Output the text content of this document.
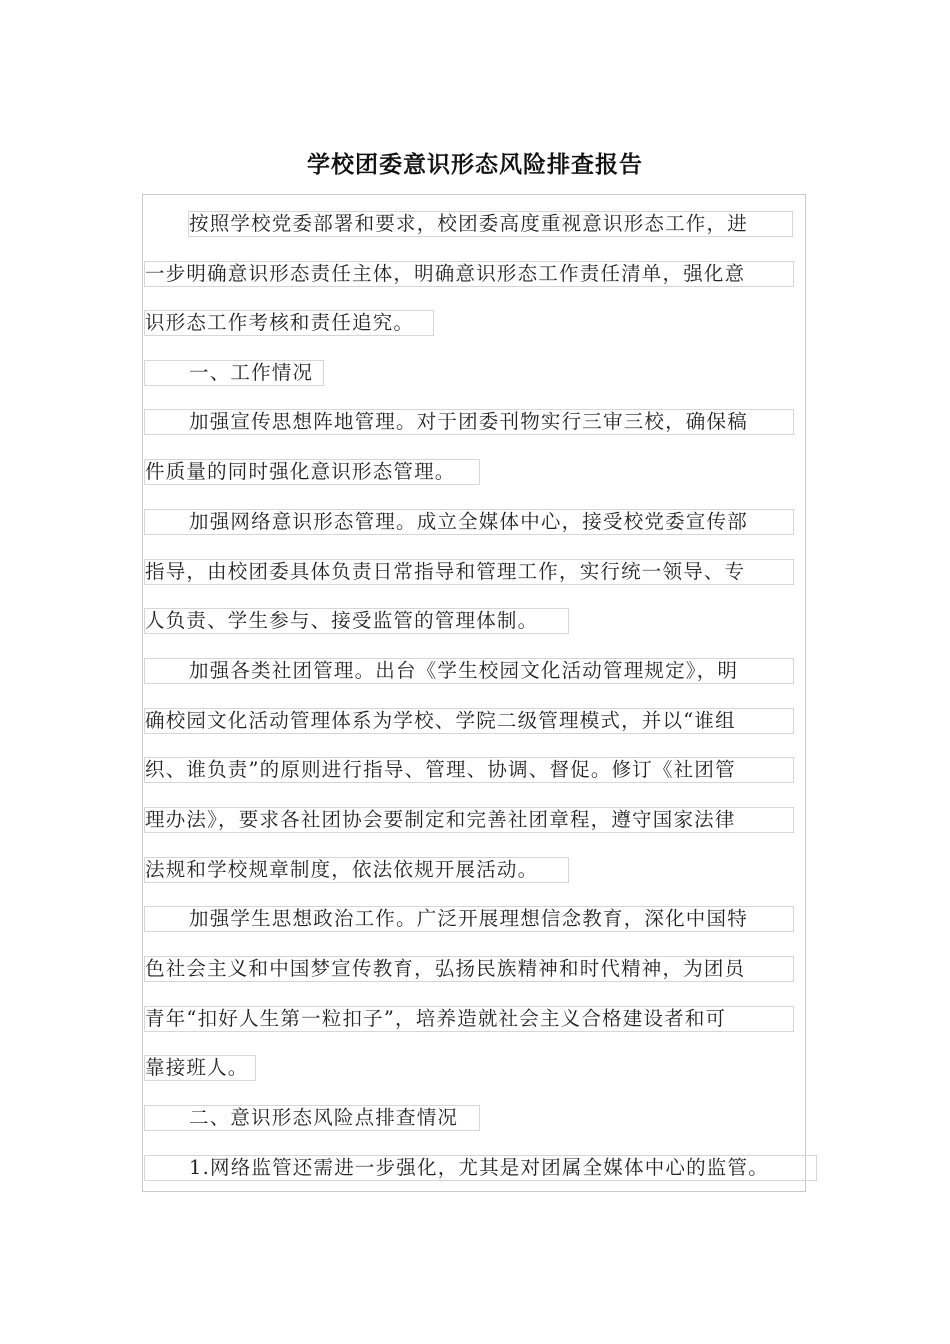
学校团委意识形态风险排查报告
按照学校党委部署和要求，校团委高度重视意识形态工作，进
一步明确意识形态责任主体，明确意识形态工作责任清单，强化意
识形态工作考核和责任追究。
一、工作情况
加强宣传思想阵地管理。对于团委刊物实行三审三校，确保稿
件质量的同时强化意识形态管理。
加强网络意识形态管理。成立全媒体中心，接受校党委宣传部
指导，由校团委具体负责日常指导和管理工作，实行统一领导、专
人负责、学生参与、接受监管的管理体制。
加强各类社团管理。出台《学生校园文化活动管理规定》，明
确校园文化活动管理体系为学校、学院二级管理模式，并以“谁组
织、谁负责”的原则进行指导、管理、协调、督促。修订《社团管
理办法》，要求各社团协会要制定和完善社团章程，遵守国家法律
法规和学校规章制度，依法依规开展活动。
加强学生思想政治工作。广泛开展理想信念教育，深化中国特
色社会主义和中国梦宣传教育，弘扬民族精神和时代精神，为团员
青年“扣好人生第一粒扣子”，培养造就社会主义合格建设者和可
靠接班人。
二、意识形态风险点排查情况
1.网络监管还需进一步强化，尤其是对团属全媒体中心的监管。
